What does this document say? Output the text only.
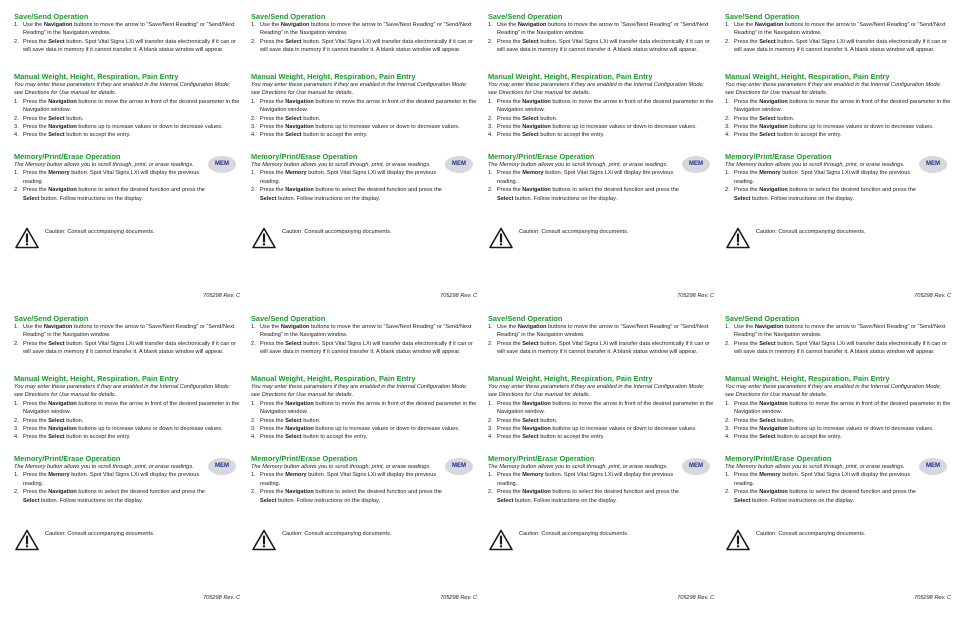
Save/Send Operation

1. Use the Navigation buttons to move the arrow to “Save/Next Reading” or “Send/Next Reading” in the Navigation window.
2. Press the Select button. Spot Vital Signs LXi will transfer data electronically if it can or will save data in memory if it cannot transfer it. A blank status window will appear.

Manual Weight, Height, Respiration, Pain Entry

You may enter these parameters if they are enabled in the Internal Configuration Mode; see Directions for Use manual for details.

1. Press the Navigation buttons to move the arrow in front of the desired parameter in the Navigation window.
2. Press the Select button.
3. Press the Navigation buttons up to increase values or down to decrease values.
4. Press the Select button to accept the entry.

Memory/Print/Erase Operation

The Memory button allows you to scroll through, print, or erase readings.

1. Press the Memory button. Spot Vital Signs LXi will display the previous reading.
2. Press the Navigation buttons to select the desired function and press the Select button. Follow instructions on the display.
MEM
Caution: Consult accompanying documents.
705298 Rev. C

Save/Send Operation

1. Use the Navigation buttons to move the arrow to “Save/Next Reading” or “Send/Next Reading” in the Navigation window.
2. Press the Select button. Spot Vital Signs LXi will transfer data electronically if it can or will save data in memory if it cannot transfer it. A blank status window will appear.

Manual Weight, Height, Respiration, Pain Entry

You may enter these parameters if they are enabled in the Internal Configuration Mode; see Directions for Use manual for details.

1. Press the Navigation buttons to move the arrow in front of the desired parameter in the Navigation window.
2. Press the Select button.
3. Press the Navigation buttons up to increase values or down to decrease values.
4. Press the Select button to accept the entry.

Memory/Print/Erase Operation

The Memory button allows you to scroll through, print, or erase readings.

1. Press the Memory button. Spot Vital Signs LXi will display the previous reading.
2. Press the Navigation buttons to select the desired function and press the Select button. Follow instructions on the display.
MEM
Caution: Consult accompanying documents.
705298 Rev. C

Save/Send Operation

1. Use the Navigation buttons to move the arrow to “Save/Next Reading” or “Send/Next Reading” in the Navigation window.
2. Press the Select button. Spot Vital Signs LXi will transfer data electronically if it can or will save data in memory if it cannot transfer it. A blank status window will appear.

Manual Weight, Height, Respiration, Pain Entry

You may enter these parameters if they are enabled in the Internal Configuration Mode; see Directions for Use manual for details.

1. Press the Navigation buttons to move the arrow in front of the desired parameter in the Navigation window.
2. Press the Select button.
3. Press the Navigation buttons up to increase values or down to decrease values.
4. Press the Select button to accept the entry.

Memory/Print/Erase Operation

The Memory button allows you to scroll through, print, or erase readings.

1. Press the Memory button. Spot Vital Signs LXi will display the previous reading.
2. Press the Navigation buttons to select the desired function and press the Select button. Follow instructions on the display.
MEM
Caution: Consult accompanying documents.
705298 Rev. C

Save/Send Operation

1. Use the Navigation buttons to move the arrow to “Save/Next Reading” or “Send/Next Reading” in the Navigation window.
2. Press the Select button. Spot Vital Signs LXi will transfer data electronically if it can or will save data in memory if it cannot transfer it. A blank status window will appear.

Manual Weight, Height, Respiration, Pain Entry

You may enter these parameters if they are enabled in the Internal Configuration Mode; see Directions for Use manual for details.

1. Press the Navigation buttons to move the arrow in front of the desired parameter in the Navigation window.
2. Press the Select button.
3. Press the Navigation buttons up to increase values or down to decrease values.
4. Press the Select button to accept the entry.

Memory/Print/Erase Operation

The Memory button allows you to scroll through, print, or erase readings.

1. Press the Memory button. Spot Vital Signs LXi will display the previous reading.
2. Press the Navigation buttons to select the desired function and press the Select button. Follow instructions on the display.
MEM
Caution: Consult accompanying documents.
705298 Rev. C

Save/Send Operation

1. Use the Navigation buttons to move the arrow to “Save/Next Reading” or “Send/Next Reading” in the Navigation window.
2. Press the Select button. Spot Vital Signs LXi will transfer data electronically if it can or will save data in memory if it cannot transfer it. A blank status window will appear.

Manual Weight, Height, Respiration, Pain Entry

You may enter these parameters if they are enabled in the Internal Configuration Mode; see Directions for Use manual for details.

1. Press the Navigation buttons to move the arrow in front of the desired parameter in the Navigation window.
2. Press the Select button.
3. Press the Navigation buttons up to increase values or down to decrease values.
4. Press the Select button to accept the entry.

Memory/Print/Erase Operation

The Memory button allows you to scroll through, print, or erase readings.

1. Press the Memory button. Spot Vital Signs LXi will display the previous reading.
2. Press the Navigation buttons to select the desired function and press the Select button. Follow instructions on the display.
MEM
Caution: Consult accompanying documents.
705298 Rev. C

Save/Send Operation

1. Use the Navigation buttons to move the arrow to “Save/Next Reading” or “Send/Next Reading” in the Navigation window.
2. Press the Select button. Spot Vital Signs LXi will transfer data electronically if it can or will save data in memory if it cannot transfer it. A blank status window will appear.

Manual Weight, Height, Respiration, Pain Entry

You may enter these parameters if they are enabled in the Internal Configuration Mode; see Directions for Use manual for details.

1. Press the Navigation buttons to move the arrow in front of the desired parameter in the Navigation window.
2. Press the Select button.
3. Press the Navigation buttons up to increase values or down to decrease values.
4. Press the Select button to accept the entry.

Memory/Print/Erase Operation

The Memory button allows you to scroll through, print, or erase readings.

1. Press the Memory button. Spot Vital Signs LXi will display the previous reading.
2. Press the Navigation buttons to select the desired function and press the Select button. Follow instructions on the display.
MEM
Caution: Consult accompanying documents.
705298 Rev. C

Save/Send Operation

1. Use the Navigation buttons to move the arrow to “Save/Next Reading” or “Send/Next Reading” in the Navigation window.
2. Press the Select button. Spot Vital Signs LXi will transfer data electronically if it can or will save data in memory if it cannot transfer it. A blank status window will appear.

Manual Weight, Height, Respiration, Pain Entry

You may enter these parameters if they are enabled in the Internal Configuration Mode; see Directions for Use manual for details.

1. Press the Navigation buttons to move the arrow in front of the desired parameter in the Navigation window.
2. Press the Select button.
3. Press the Navigation buttons up to increase values or down to decrease values.
4. Press the Select button to accept the entry.

Memory/Print/Erase Operation

The Memory button allows you to scroll through, print, or erase readings.

1. Press the Memory button. Spot Vital Signs LXi will display the previous reading.
2. Press the Navigation buttons to select the desired function and press the Select button. Follow instructions on the display.
MEM
Caution: Consult accompanying documents.
705298 Rev. C

Save/Send Operation

1. Use the Navigation buttons to move the arrow to “Save/Next Reading” or “Send/Next Reading” in the Navigation window.
2. Press the Select button. Spot Vital Signs LXi will transfer data electronically if it can or will save data in memory if it cannot transfer it. A blank status window will appear.

Manual Weight, Height, Respiration, Pain Entry

You may enter these parameters if they are enabled in the Internal Configuration Mode; see Directions for Use manual for details.

1. Press the Navigation buttons to move the arrow in front of the desired parameter in the Navigation window.
2. Press the Select button.
3. Press the Navigation buttons up to increase values or down to decrease values.
4. Press the Select button to accept the entry.

Memory/Print/Erase Operation

The Memory button allows you to scroll through, print, or erase readings.

1. Press the Memory button. Spot Vital Signs LXi will display the previous reading.
2. Press the Navigation buttons to select the desired function and press the Select button. Follow instructions on the display.
MEM
Caution: Consult accompanying documents.
705298 Rev. C
